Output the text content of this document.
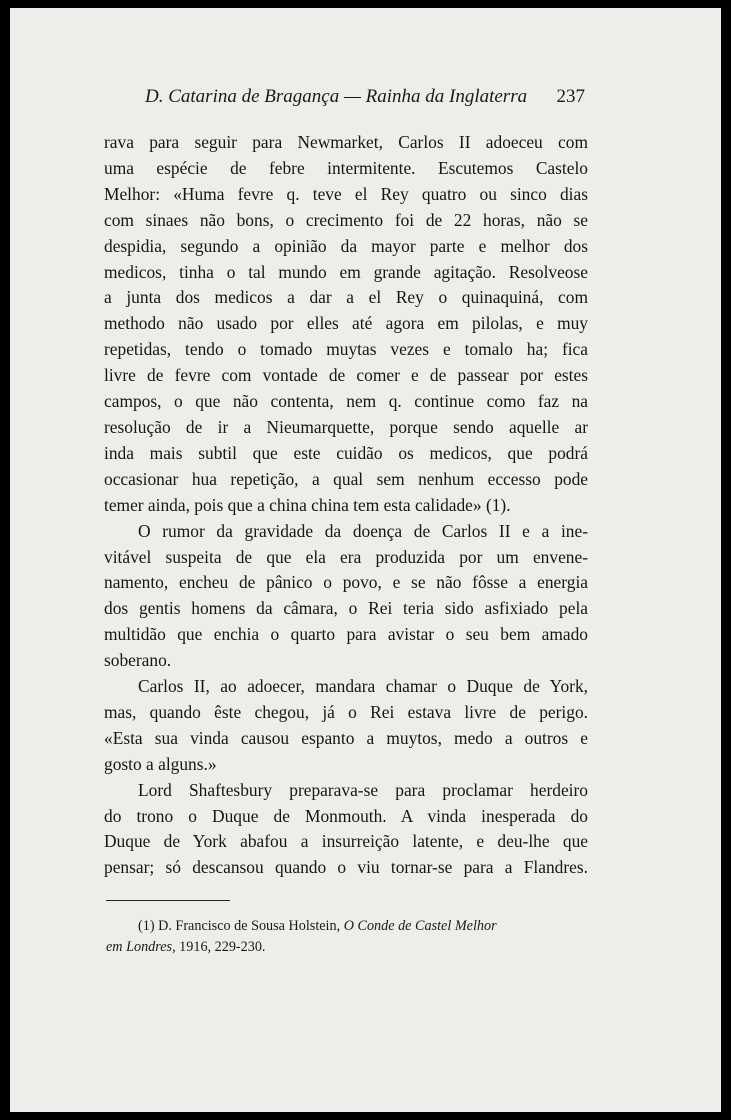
D. Catarina de Bragança — Rainha da Inglaterra 237

rava para seguir para Newmarket, Carlos II adoeceu com

uma espécie de febre intermitente. Escutemos Castelo

Melhor: «Huma fevre q. teve el Rey quatro ou sinco dias

com sinaes não bons, o crecimento foi de 22 horas, não se

despidia, segundo a opinião da mayor parte e melhor dos

medicos, tinha o tal mundo em grande agitação. Resolveose

a junta dos medicos a dar a el Rey o quinaquiná, com

methodo não usado por elles até agora em pilolas, e muy

repetidas, tendo o tomado muytas vezes e tomalo ha; fica

livre de fevre com vontade de comer e de passear por estes

campos, o que não contenta, nem q. continue como faz na

resolução de ir a Nieumarquette, porque sendo aquelle ar

inda mais subtil que este cuidão os medicos, que podrá

occasionar hua repetição, a qual sem nenhum eccesso pode

temer ainda, pois que a china china tem esta calidade» (1).

O rumor da gravidade da doença de Carlos II e a ine-

vitável suspeita de que ela era produzida por um envene-

namento, encheu de pânico o povo, e se não fôsse a energia

dos gentis homens da câmara, o Rei teria sido asfixiado pela

multidão que enchia o quarto para avistar o seu bem amado

soberano.

Carlos II, ao adoecer, mandara chamar o Duque de York,

mas, quando êste chegou, já o Rei estava livre de perigo.

«Esta sua vinda causou espanto a muytos, medo a outros e

gosto a alguns.»

Lord Shaftesbury preparava-se para proclamar herdeiro

do trono o Duque de Monmouth. A vinda inesperada do

Duque de York abafou a insurreição latente, e deu-lhe que

pensar; só descansou quando o viu tornar-se para a Flandres.

(1) D. Francisco de Sousa Holstein, O Conde de Castel Melhor

em Londres, 1916, 229-230.
